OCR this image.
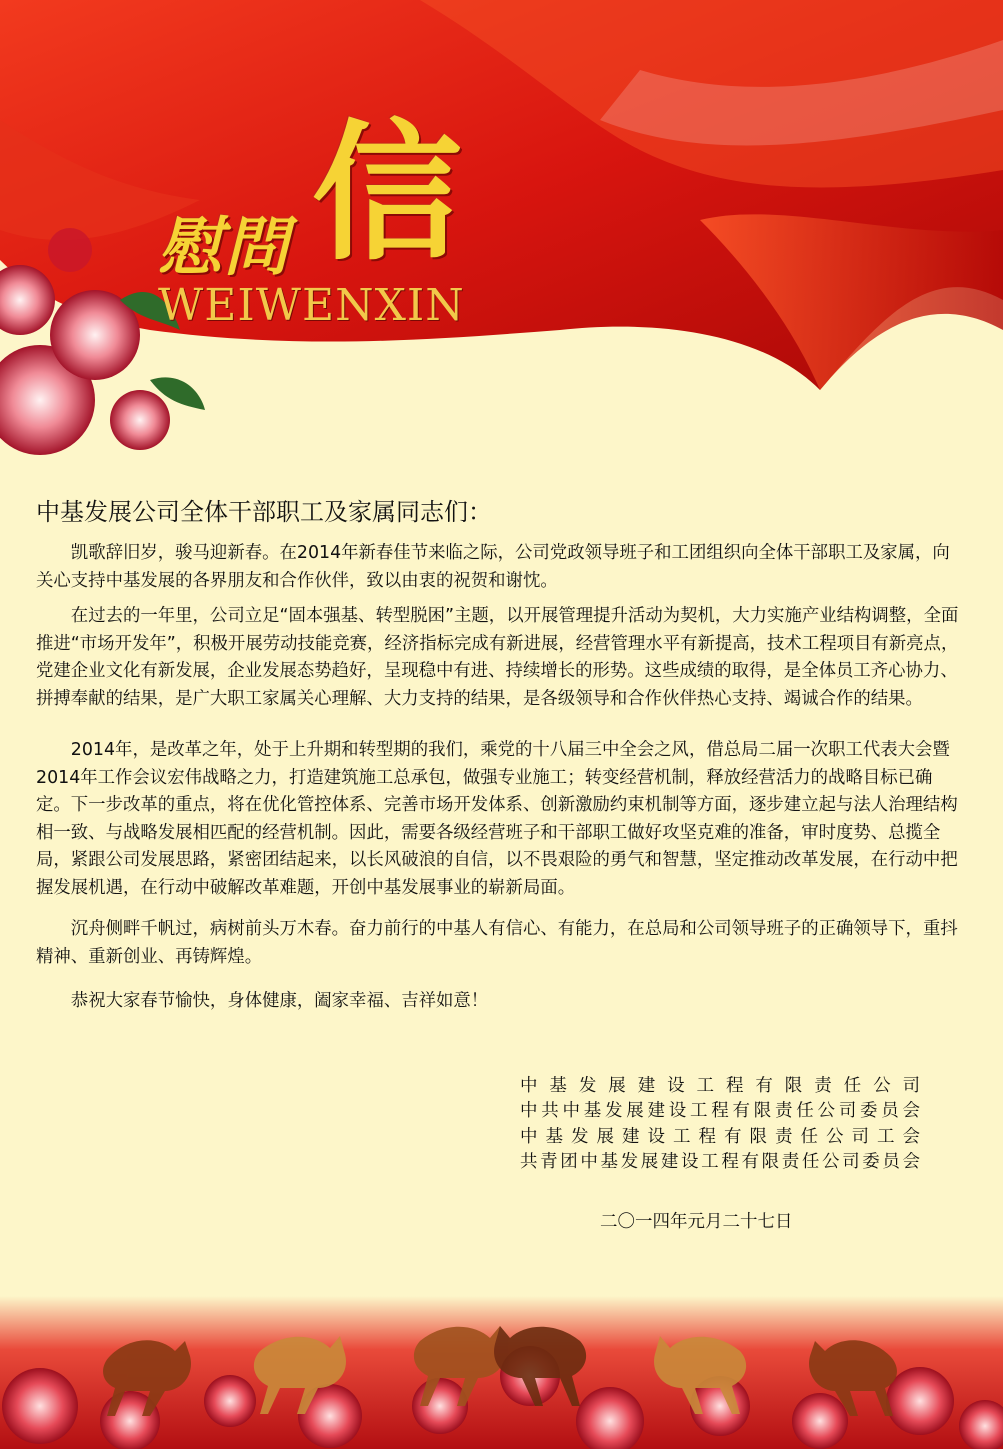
慰問 信
WEIWENXIN
中基发展公司全体干部职工及家属同志们：

凯歌辞旧岁，骏马迎新春。在2014年新春佳节来临之际，公司党政领导班子和工团组织向全体干部职工及家属，向关心支持中基发展的各界朋友和合作伙伴，致以由衷的祝贺和谢忱。

在过去的一年里，公司立足“固本强基、转型脱困”主题，以开展管理提升活动为契机，大力实施产业结构调整，全面推进“市场开发年”，积极开展劳动技能竞赛，经济指标完成有新进展，经营管理水平有新提高，技术工程项目有新亮点，党建企业文化有新发展，企业发展态势趋好，呈现稳中有进、持续增长的形势。这些成绩的取得，是全体员工齐心协力、拼搏奉献的结果，是广大职工家属关心理解、大力支持的结果，是各级领导和合作伙伴热心支持、竭诚合作的结果。

2014年，是改革之年，处于上升期和转型期的我们，乘党的十八届三中全会之风，借总局二届一次职工代表大会暨2014年工作会议宏伟战略之力，打造建筑施工总承包，做强专业施工；转变经营机制，释放经营活力的战略目标已确定。下一步改革的重点，将在优化管控体系、完善市场开发体系、创新激励约束机制等方面，逐步建立起与法人治理结构相一致、与战略发展相匹配的经营机制。因此，需要各级经营班子和干部职工做好攻坚克难的准备，审时度势、总揽全局，紧跟公司发展思路，紧密团结起来，以长风破浪的自信，以不畏艰险的勇气和智慧，坚定推动改革发展，在行动中把握发展机遇，在行动中破解改革难题，开创中基发展事业的崭新局面。

沉舟侧畔千帆过，病树前头万木春。奋力前行的中基人有信心、有能力，在总局和公司领导班子的正确领导下，重抖精神、重新创业、再铸辉煌。

恭祝大家春节愉快，身体健康，阖家幸福、吉祥如意！

中基发展建设工程有限责任公司

中共中基发展建设工程有限责任公司委员会

中基发展建设工程有限责任公司工会

共青团中基发展建设工程有限责任公司委员会

二〇一四年元月二十七日
